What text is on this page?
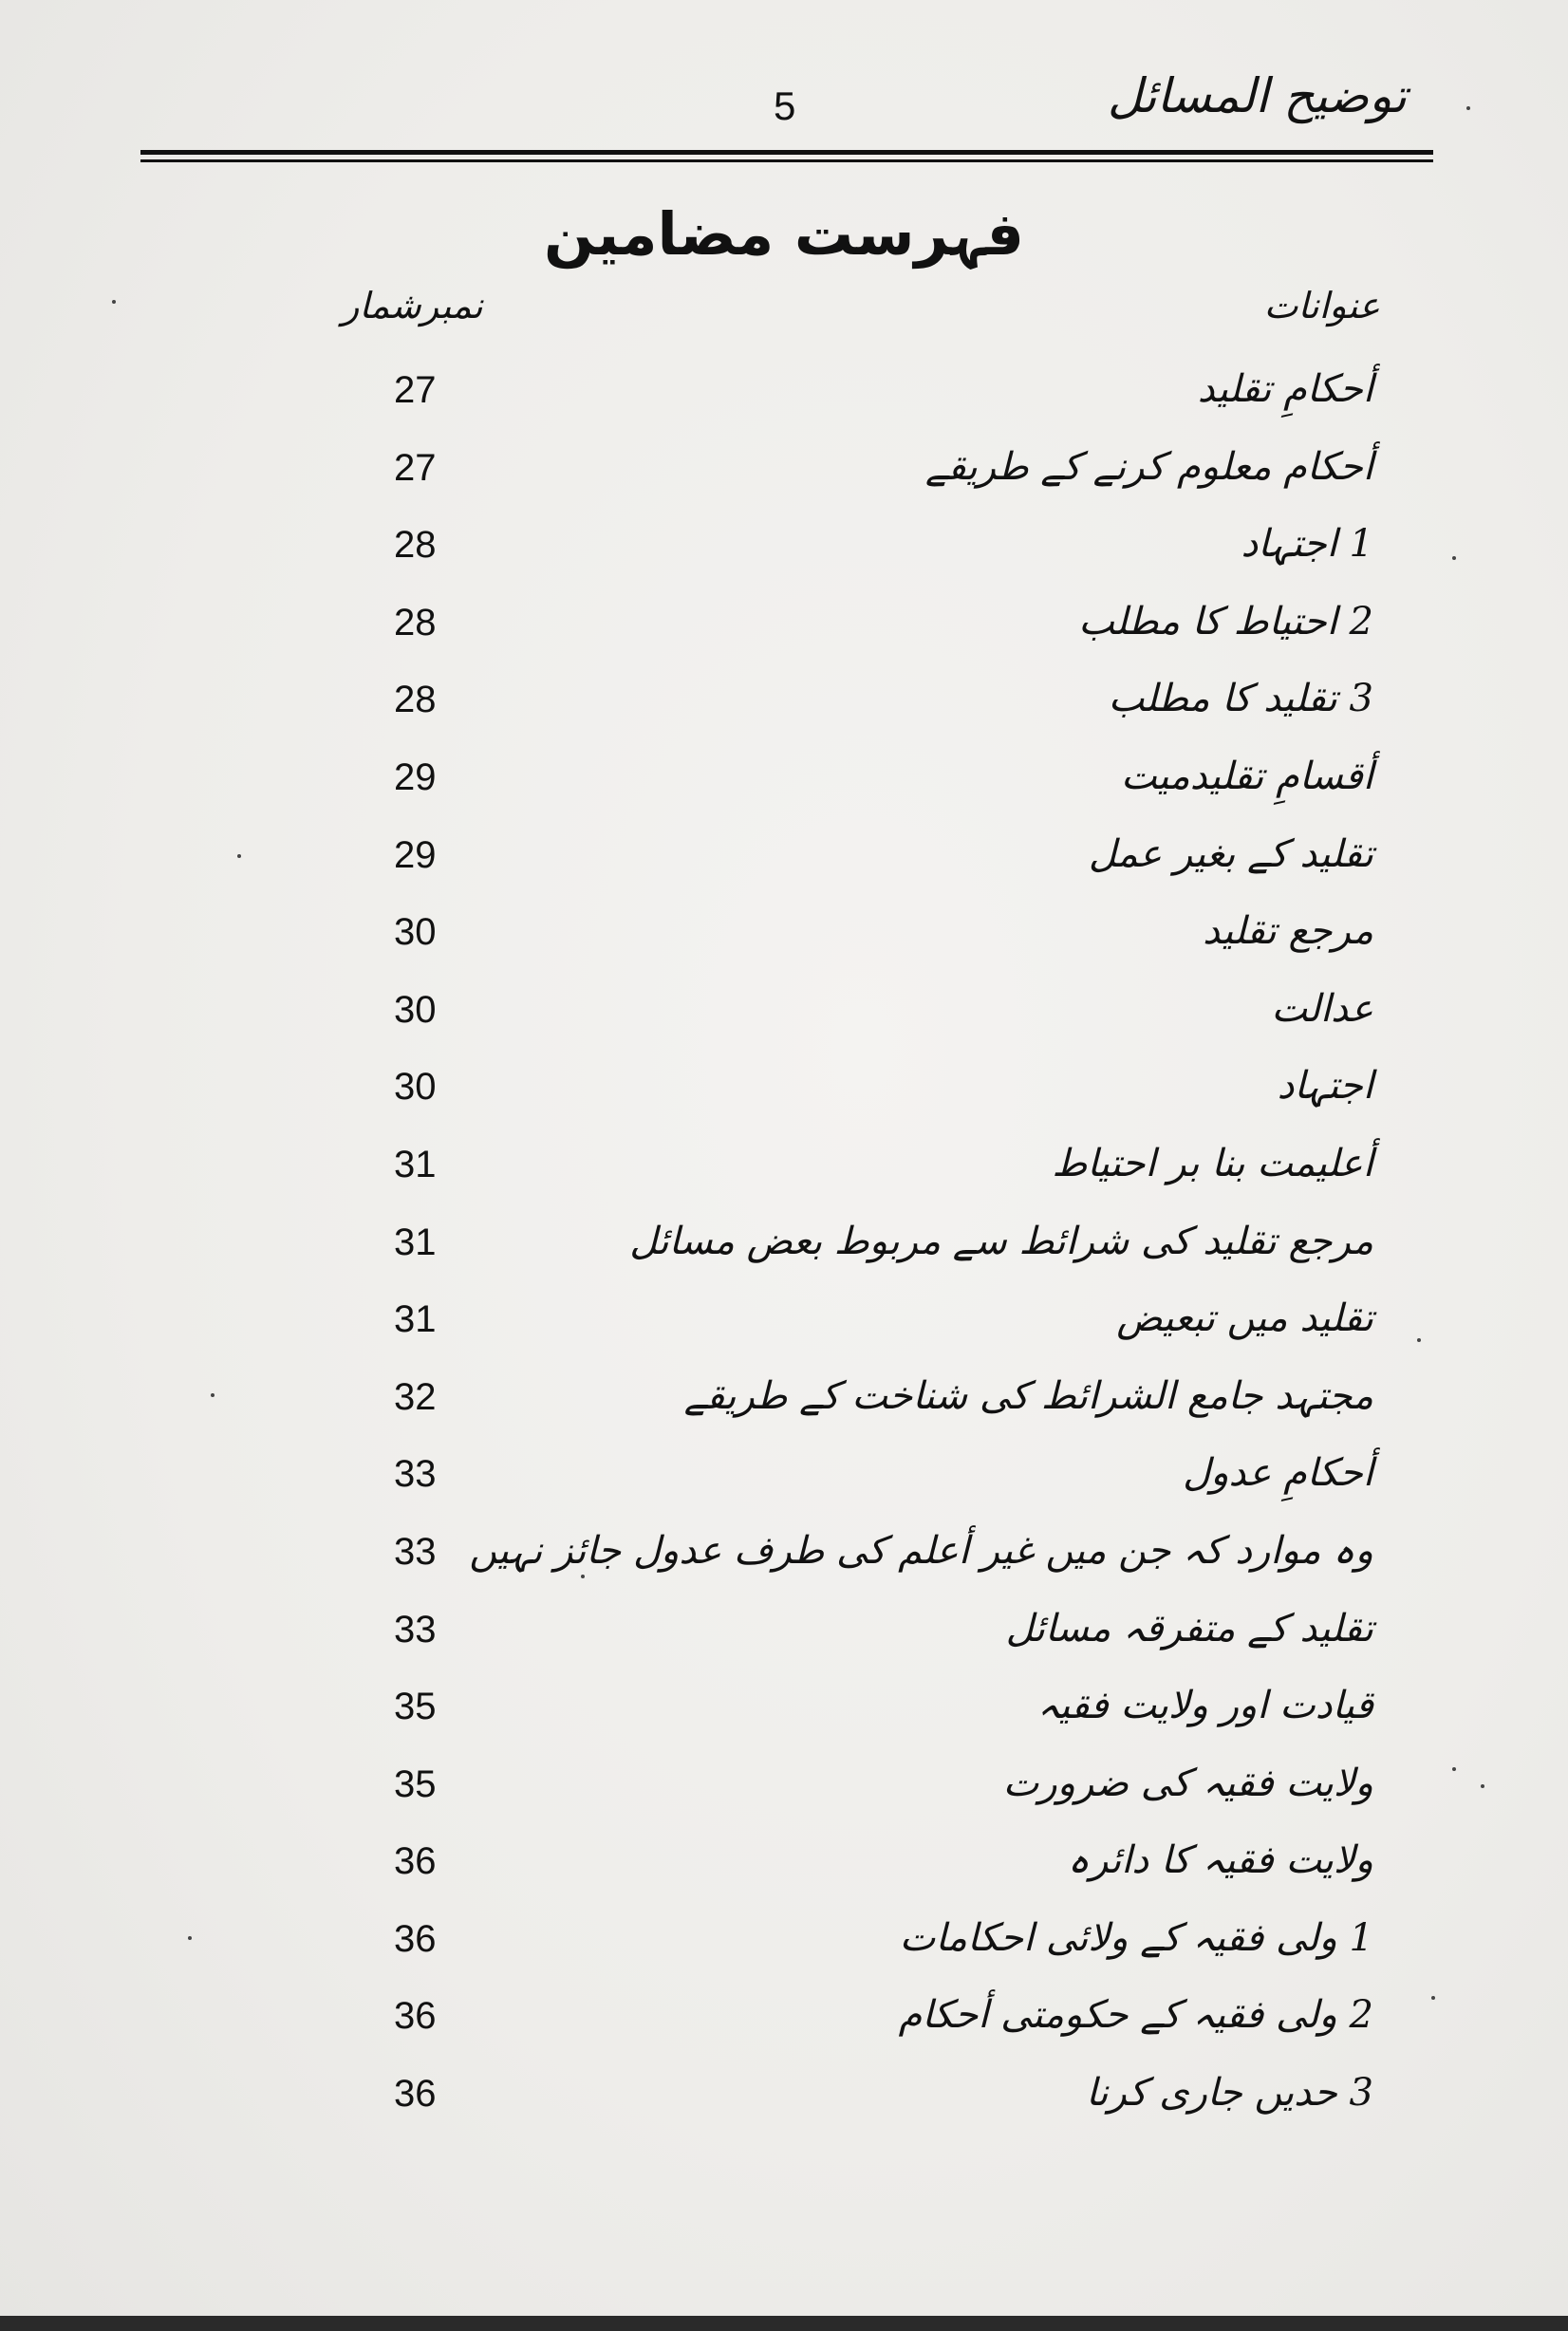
توضیح المسائل
5
فہرست مضامین
عنوانات
نمبرشمار
أحکامِ تقلید
27
أحکام معلوم کرنے کے طریقے
27
1 اجتہاد
28
2 احتیاط کا مطلب
28
3 تقلید کا مطلب
28
أقسامِ تقلیدمیت
29
تقلید کے بغیر عمل
29
مرجع تقلید
30
عدالت
30
اجتہاد
30
أعلیمت بنا بر احتیاط
31
مرجع تقلید کی شرائط سے مربوط بعض مسائل
31
تقلید میں تبعیض
31
مجتہد جامع الشرائط کی شناخت کے طریقے
32
أحکامِ عدول
33
وہ موارد کہ جن میں غیر أعلم کی طرف عدول جائز نہیں
33
تقلید کے متفرقہ مسائل
33
قیادت اور ولایت فقیہ
35
ولایت فقیہ کی ضرورت
35
ولایت فقیہ کا دائرہ
36
1 ولی فقیہ کے ولائی احکامات
36
2 ولی فقیہ کے حکومتی أحکام
36
3 حدیں جاری کرنا
36
